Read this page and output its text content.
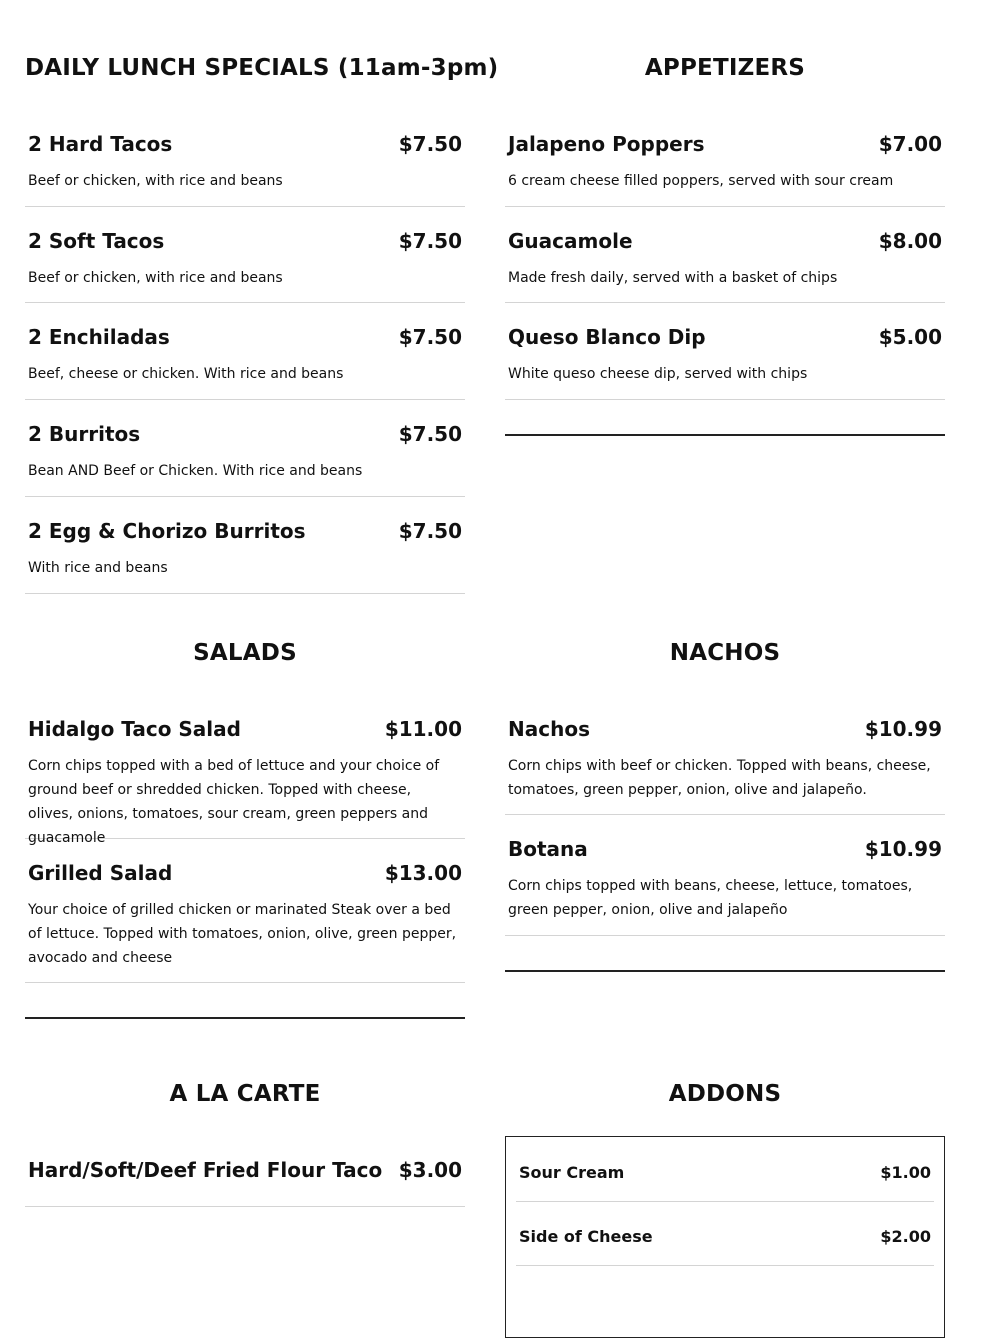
DAILY LUNCH SPECIALS (11am-3pm)
2 Hard Tacos	$7.50
Beef or chicken, with rice and beans
2 Soft Tacos	$7.50
Beef or chicken, with rice and beans
2 Enchiladas	$7.50
Beef, cheese or chicken. With rice and beans
2 Burritos	$7.50
Bean AND Beef or Chicken. With rice and beans
2 Egg & Chorizo Burritos	$7.50
With rice and beans
APPETIZERS
Jalapeno Poppers	$7.00
6 cream cheese filled poppers, served with sour cream
Guacamole	$8.00
Made fresh daily, served with a basket of chips
Queso Blanco Dip	$5.00
White queso cheese dip, served with chips
SALADS
Hidalgo Taco Salad	$11.00
Corn chips topped with a bed of lettuce and your choice of ground beef or shredded chicken. Topped with cheese, olives, onions, tomatoes, sour cream, green peppers and guacamole
Grilled Salad	$13.00
Your choice of grilled chicken or marinated Steak over a bed of lettuce. Topped with tomatoes, onion, olive, green pepper, avocado and cheese
NACHOS
Nachos	$10.99
Corn chips with beef or chicken. Topped with beans, cheese, tomatoes, green pepper, onion, olive and jalapeño.
Botana	$10.99
Corn chips topped with beans, cheese, lettuce, tomatoes, green pepper, onion, olive and jalapeño
A LA CARTE
Hard/Soft/Deef Fried Flour Taco $3.00
ADDONS
Sour Cream	$1.00
Side of Cheese	$2.00
